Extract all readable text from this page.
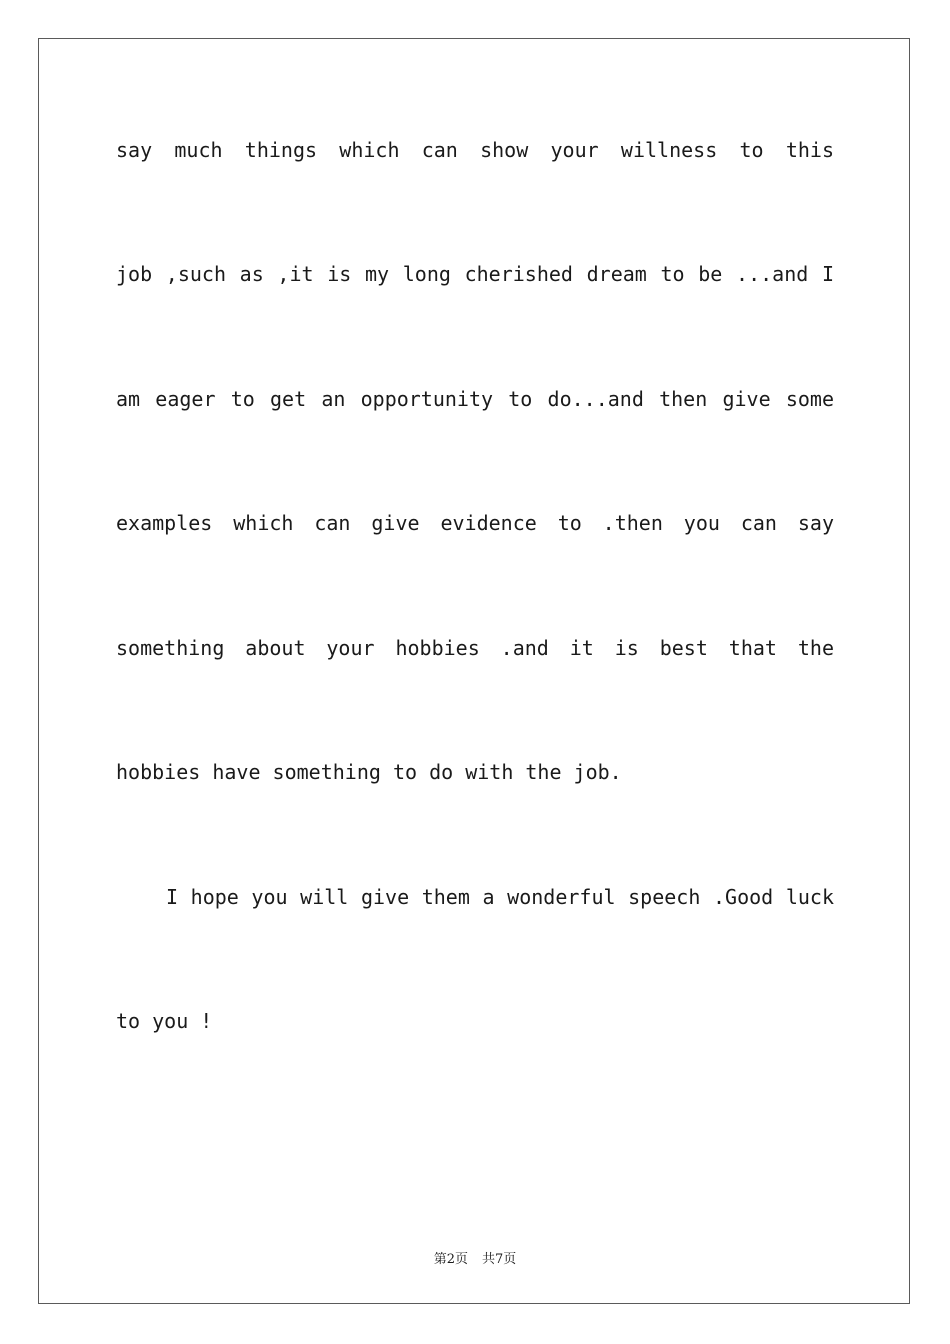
say much things which can show your willness to this
job ,such as ,it is my long cherished dream to be ...and I
am eager to get an opportunity to do...and then give some
examples which can give evidence to .then you can say
something about your hobbies .and it is best that the
hobbies have something to do with the job.
I hope you will give them a wonderful speech .Good luck
to you !
第2页 共7页
